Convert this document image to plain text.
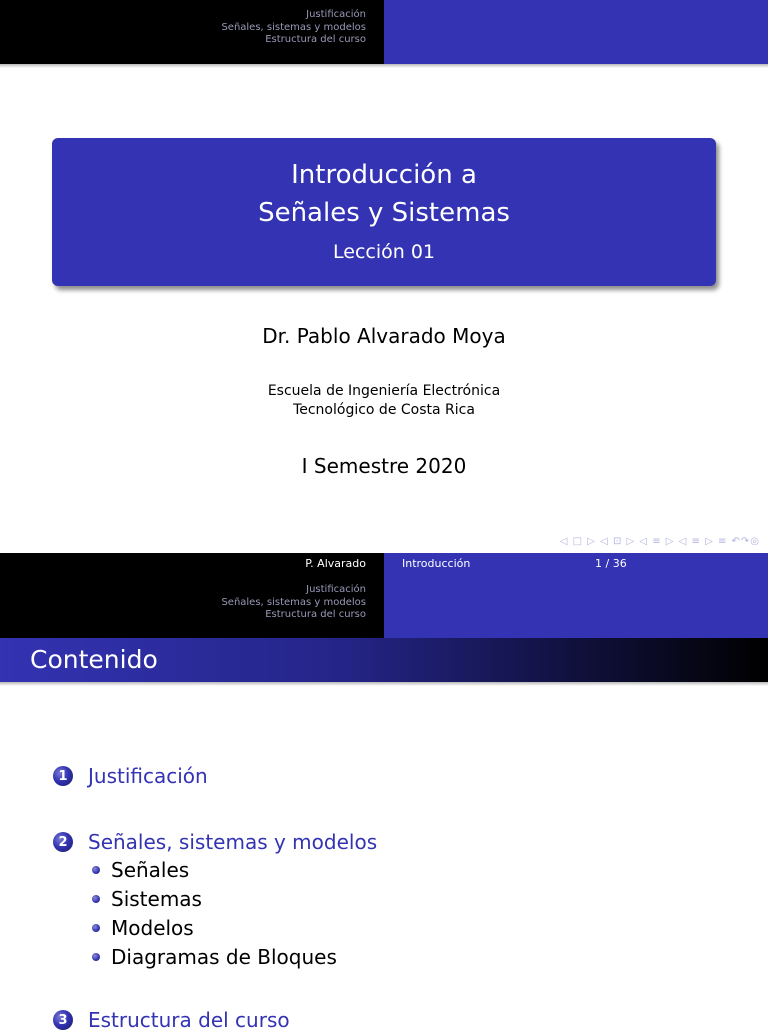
Justificación
Señales, sistemas y modelos
Estructura del curso
Introducción a
Señales y Sistemas
Lección 01
Dr. Pablo Alvarado Moya
Escuela de Ingeniería Electrónica
Tecnológico de Costa Rica
I Semestre 2020
◁ □ ▷ ◁ ⊡ ▷ ◁ ≡ ▷ ◁ ≡ ▷ ≡ ↶↷◎
P. Alvarado	Introducción	1 / 36
Justificación
Señales, sistemas y modelos
Estructura del curso
Contenido
1 Justificación
2 Señales, sistemas y modelos
Señales
Sistemas
Modelos
Diagramas de Bloques
3 Estructura del curso
